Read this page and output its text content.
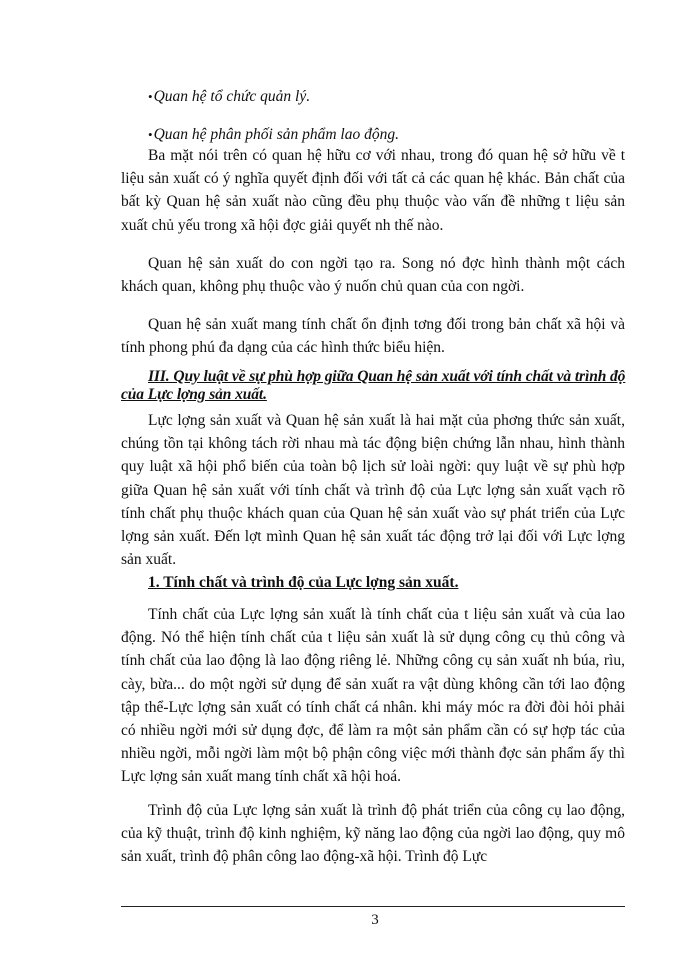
•Quan hệ tổ chức quản lý.
•Quan hệ phân phối sản phẩm lao động.

Ba mặt nói trên có quan hệ hữu cơ với nhau, trong đó quan hệ sở hữu về t liệu sản xuất có ý nghĩa quyết định đối với tất cả các quan hệ khác. Bản chất của bất kỳ Quan hệ sản xuất nào cũng đều phụ thuộc vào vấn đề những t liệu sản xuất chủ yếu trong xã hội đợc giải quyết nh thế nào.

Quan hệ sản xuất do con ngời tạo ra. Song nó đợc hình thành một cách khách quan, không phụ thuộc vào ý nuốn chủ quan của con ngời.

Quan hệ sản xuất mang tính chất ổn định tơng đối trong bản chất xã hội và tính phong phú đa dạng của các hình thức biểu hiện.

III. Quy luật về sự phù hợp giữa Quan hệ sản xuất với tính chất và trình độ của Lực lợng sản xuất.

Lực lợng sản xuất và Quan hệ sản xuất là hai mặt của phơng thức sản xuất, chúng tồn tại không tách rời nhau mà tác động biện chứng lẫn nhau, hình thành quy luật xã hội phổ biến của toàn bộ lịch sử loài ngời: quy luật về sự phù hợp giữa Quan hệ sản xuất với tính chất và trình độ của Lực lợng sản xuất vạch rõ tính chất phụ thuộc khách quan của Quan hệ sản xuất vào sự phát triển của Lực lợng sản xuất. Đến lợt mình Quan hệ sản xuất tác động trở lại đối với Lực lợng sản xuất.

1. Tính chất và trình độ của Lực lợng sản xuất.

Tính chất của Lực lợng sản xuất là tính chất của t liệu sản xuất và của lao động. Nó thể hiện tính chất của t liệu sản xuất là sử dụng công cụ thủ công và tính chất của lao động là lao động riêng lẻ. Những công cụ sản xuất nh búa, rìu, cày, bừa... do một ngời sử dụng để sản xuất ra vật dùng không cần tới lao động tập thể-Lực lợng sản xuất có tính chất cá nhân. khi máy móc ra đời đòi hỏi phải có nhiều ngời mới sử dụng đợc, để làm ra một sản phẩm cần có sự hợp tác của nhiều ngời, mỗi ngời làm một bộ phận công việc mới thành đợc sản phẩm ấy thì Lực lợng sản xuất mang tính chất xã hội hoá.

Trình độ của Lực lợng sản xuất là trình độ phát triển của công cụ lao động, của kỹ thuật, trình độ kinh nghiệm, kỹ năng lao động của ngời lao động, quy mô sản xuất, trình độ phân công lao động-xã hội. Trình độ Lực

3
